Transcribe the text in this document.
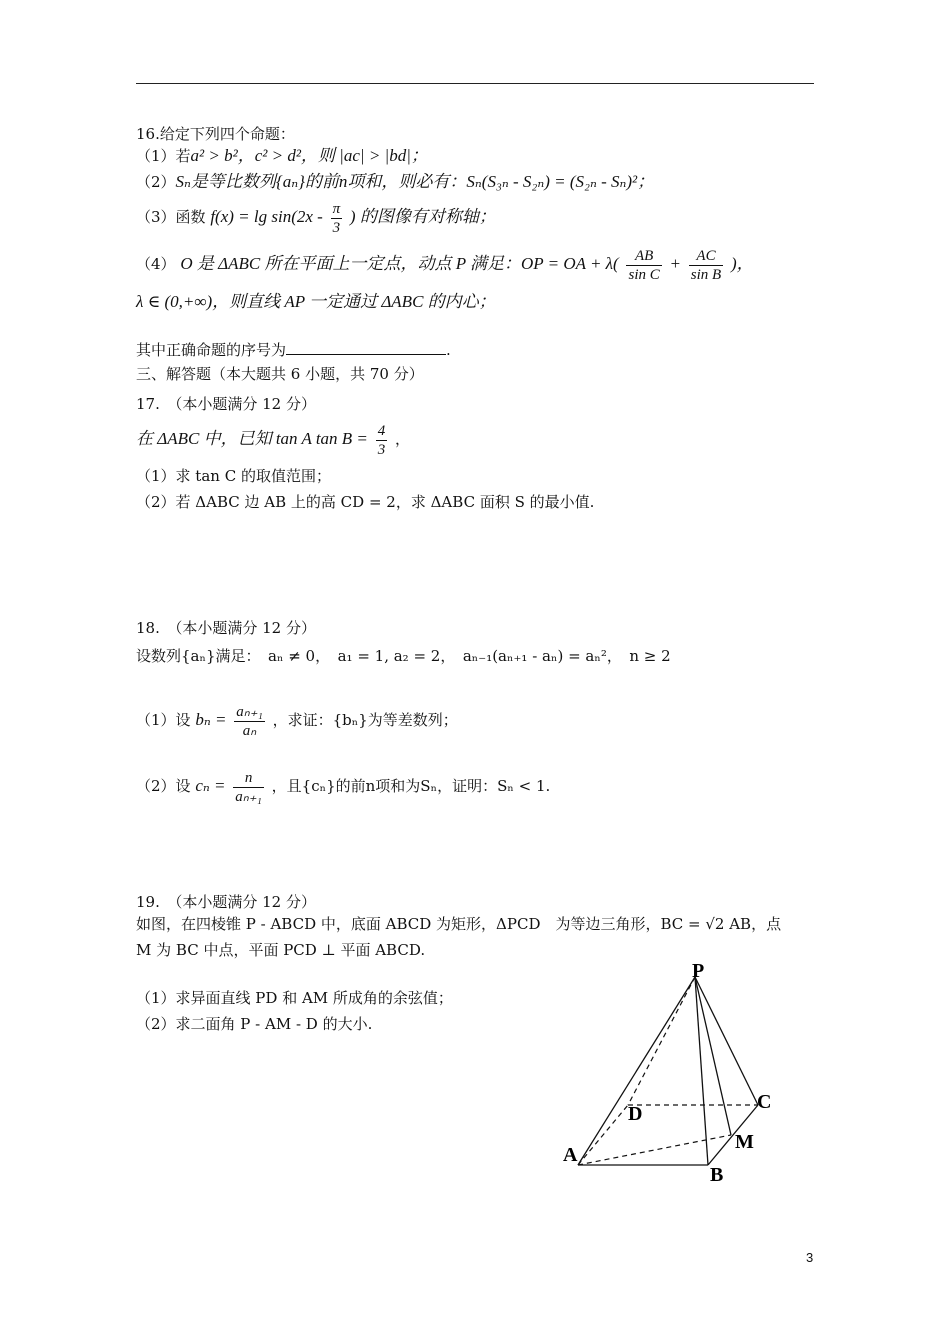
16.给定下列四个命题：
（1）若a² > b²，c² > d²，则 |ac| > |bd|；
（2）Sₙ是等比数列{aₙ}的前n项和，则必有：Sₙ(S₃ₙ - S₂ₙ) = (S₂ₙ - Sₙ)²；
（3）函数 $f(x) = \lg \sin(2x - \frac{\pi}{3}$ ) 的图像有对称轴；
（4） O 是 ΔABC 所在平面上一定点，动点 P 满足：OP = OA + $\lambda( \frac{AB}{\text{sin C}} + \frac{AC}{\text{sin B}}$ )，
λ ∈ (0,+∞)，则直线 AP 一定通过 ΔABC 的内心；
其中正确命题的序号为	.
三、解答题（本大题共 6 小题，共 70 分）
17.　（本小题满分 12 分）
在 ΔABC 中，已知 tan A $\tan B = \frac{4}{3}$ ，
（1）求 tan C 的取值范围；
（2）若 ΔABC 边 AB 上的高 CD = 2，求 ΔABC 面积 S 的最小值.
18.　（本小题满分 12 分）
设数列{aₙ}满足：　aₙ ≠ 0，　a₁ = 1, a₂ = 2，　aₙ₋₁(aₙ₊₁ - aₙ) = aₙ²，　n ≥ 2
（1）设 $b_n = \frac{\text{aₙ₊₁}}{\text{aₙ}}$ ，求证：{bₙ}为等差数列；
（2）设 $c_n = \frac{n}{\text{aₙ₊₁}}$ ，且{cₙ}的前n项和为Sₙ，证明：Sₙ < 1.
19.　（本小题满分 12 分）
如图，在四棱锥 P - ABCD 中，底面 ABCD 为矩形，ΔPCD　为等边三角形，BC = √2 AB，点
M 为 BC 中点，平面 PCD ⊥ 平面 ABCD.
（1）求异面直线 PD 和 AM 所成角的余弦值；
（2）求二面角 P - AM - D 的大小.
P
A
B
C
D
M
3
